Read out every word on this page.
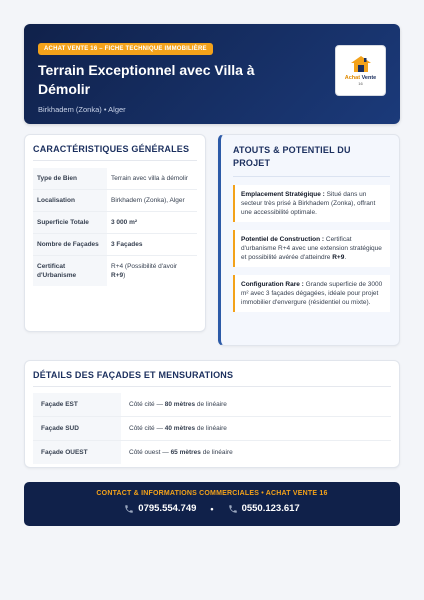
ACHAT VENTE 16 – FICHE TECHNIQUE IMMOBILIÈRE
Terrain Exceptionnel avec Villa à Démolir
Birkhadem (Zonka) • Alger
Achat Vente
16
CARACTÉRISTIQUES GÉNÉRALES
Type de Bien	Terrain avec villa à démolir
Localisation	Birkhadem (Zonka), Alger
Superficie Totale	3 000 m²
Nombre de Façades	3 Façades
Certificat d'Urbanisme	R+4 (Possibilité d'avoir R+9)
ATOUTS & POTENTIEL DU PROJET
Emplacement Stratégique : Situé dans un secteur très prisé à Birkhadem (Zonka), offrant une accessibilité optimale.
Potentiel de Construction : Certificat d'urbanisme R+4 avec une extension stratégique et possibilité avérée d'atteindre R+9.
Configuration Rare : Grande superficie de 3000 m² avec 3 façades dégagées, idéale pour projet immobilier d'envergure (résidentiel ou mixte).
DÉTAILS DES FAÇADES ET MENSURATIONS
Façade EST	Côté cité — 80 mètres de linéaire
Façade SUD	Côté cité — 40 mètres de linéaire
Façade OUEST	Côté ouest — 65 mètres de linéaire
CONTACT & INFORMATIONS COMMERCIALES • ACHAT VENTE 16
0795.554.749 •	0550.123.617
